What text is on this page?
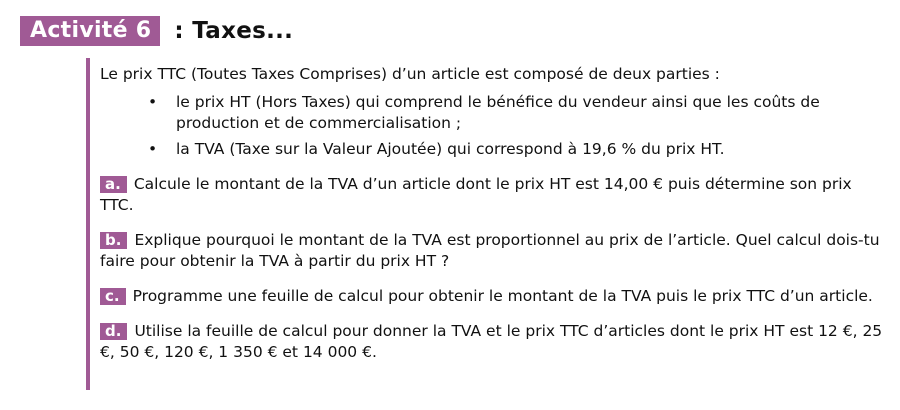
Activité 6	: Taxes...
Le prix TTC (Toutes Taxes Comprises) d’un article est composé de deux parties :
• le prix HT (Hors Taxes) qui comprend le bénéfice du vendeur ainsi que les coûts de production et de commercialisation ;
• la TVA (Taxe sur la Valeur Ajoutée) qui correspond à 19,6 % du prix HT.
a. Calcule le montant de la TVA d’un article dont le prix HT est 14,00 € puis détermine son prix TTC.
b. Explique pourquoi le montant de la TVA est proportionnel au prix de l’article. Quel calcul dois-tu faire pour obtenir la TVA à partir du prix HT ?
c. Programme une feuille de calcul pour obtenir le montant de la TVA puis le prix TTC d’un article.
d. Utilise la feuille de calcul pour donner la TVA et le prix TTC d’articles dont le prix HT est 12 €, 25 €, 50 €, 120 €, 1 350 € et 14 000 €.
